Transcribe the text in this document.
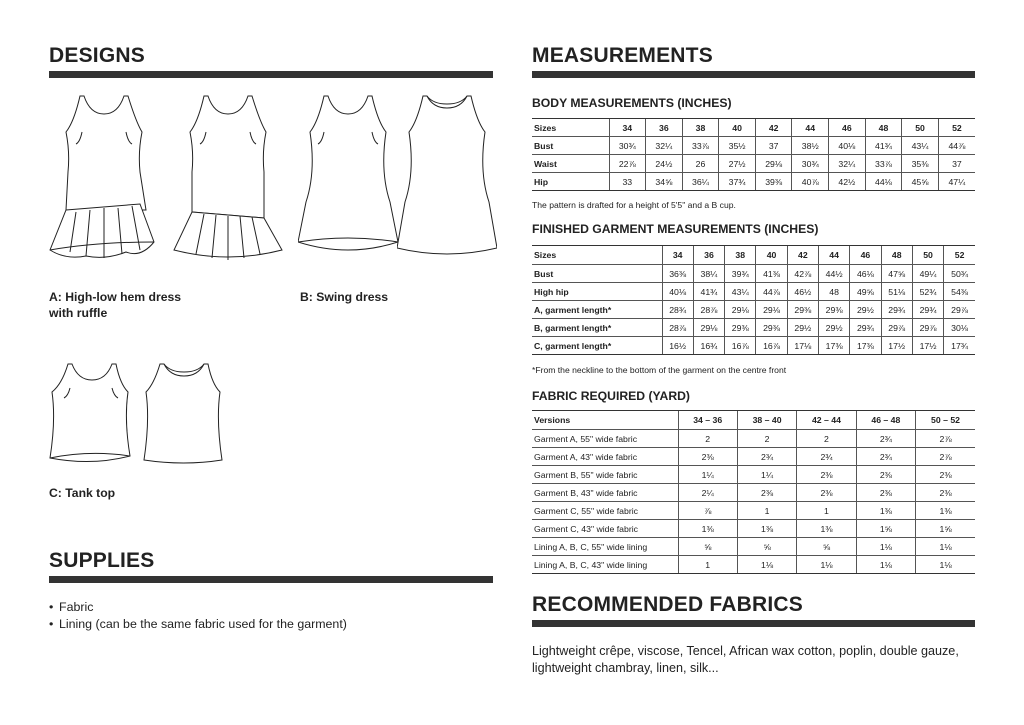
DESIGNS
A: High-low hem dress
with ruffle
B: Swing dress
C: Tank top
SUPPLIES
• Fabric
• Lining (can be the same fabric used for the garment)
MEASUREMENTS
BODY MEASUREMENTS (INCHES)
Sizes	34	36	38	40	42	44	46	48	50	52
Bust	30¾	32¼	33⅞	35½	37	38½	40⅛	41¾	43¼	44⅞
Waist	22⅞	24½	26	27½	29⅛	30¾	32¼	33⅞	35⅜	37
Hip	33	34⅝	36¼	37¾	39⅜	40⅞	42½	44⅛	45⅝	47¼
The pattern is drafted for a height of 5'5" and a B cup.
FINISHED GARMENT MEASUREMENTS (INCHES)
Sizes	34	36	38	40	42	44	46	48	50	52
Bust	36⅜	38¼	39¾	41⅜	42⅞	44½	46⅛	47⅝	49¼	50¾
High hip	40⅛	41¾	43¼	44⅞	46½	48	49⅝	51⅛	52¾	54⅜
A, garment length*	28¾	28⅞	29⅛	29⅛	29⅜	29⅜	29½	29¾	29¾	29⅞
B, garment length*	28⅞	29⅛	29⅜	29⅜	29½	29½	29¾	29⅞	29⅞	30⅛
C, garment length*	16½	16¾	16⅞	16⅞	17⅛	17⅜	17⅜	17½	17½	17¾
*From the neckline to the bottom of the garment on the centre front
FABRIC REQUIRED (YARD)
Versions	34 – 36	38 – 40	42 – 44	46 – 48	50 – 52
Garment A, 55" wide fabric	2	2	2	2¾	2⅞
Garment A, 43" wide fabric	2⅜	2¾	2¾	2¾	2⅞
Garment B, 55" wide fabric	1¼	1¼	2⅜	2⅜	2⅜
Garment B, 43" wide fabric	2¼	2⅜	2⅜	2⅜	2⅜
Garment C, 55" wide fabric	⅞	1	1	1⅜	1⅜
Garment C, 43" wide fabric	1⅜	1⅜	1⅜	1⅝	1⅝
Lining A, B, C, 55" wide lining	⅝	⅝	⅝	1⅛	1⅛
Lining A, B, C, 43" wide lining	1	1⅛	1⅛	1⅛	1⅛
RECOMMENDED FABRICS
Lightweight crêpe, viscose, Tencel, African wax cotton, poplin, double gauze, lightweight chambray, linen, silk...
